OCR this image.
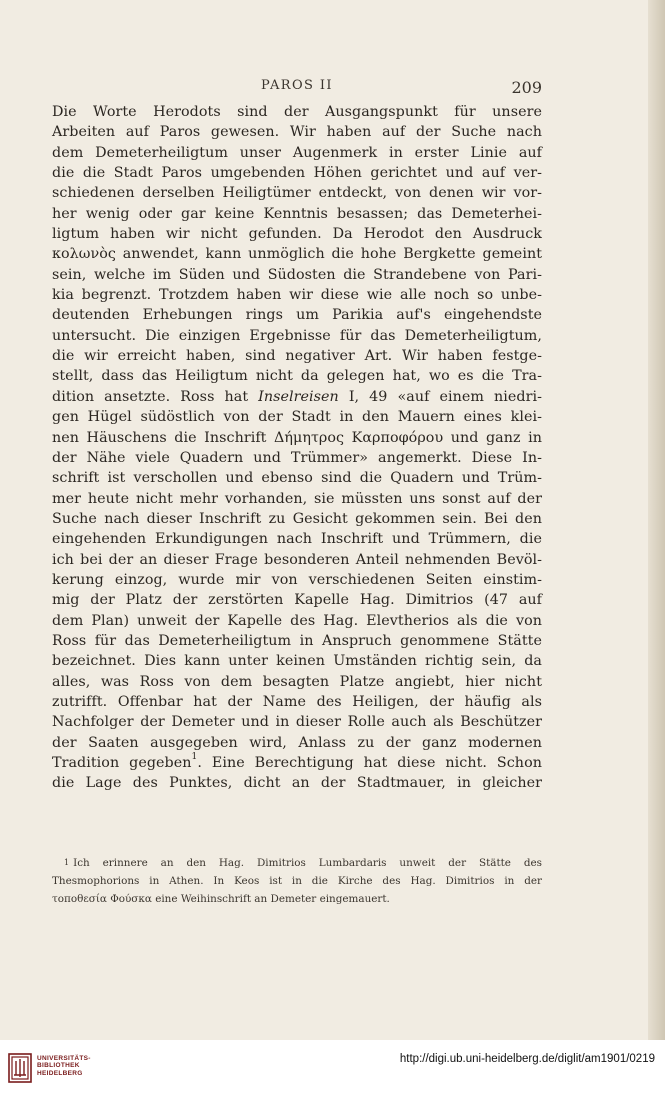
PAROS II	209
Die Worte Herodots sind der Ausgangspunkt für unsere
Arbeiten auf Paros gewesen. Wir haben auf der Suche nach
dem Demeterheiligtum unser Augenmerk in erster Linie auf
die die Stadt Paros umgebenden Höhen gerichtet und auf ver-
schiedenen derselben Heiligtümer entdeckt, von denen wir vor-
her wenig oder gar keine Kenntnis besassen; das Demeterhei-
ligtum haben wir nicht gefunden. Da Herodot den Ausdruck
κολωνὸς anwendet, kann unmöglich die hohe Bergkette gemeint
sein, welche im Süden und Südosten die Strandebene von Pari-
kia begrenzt. Trotzdem haben wir diese wie alle noch so unbe-
deutenden Erhebungen rings um Parikia auf's eingehendste
untersucht. Die einzigen Ergebnisse für das Demeterheiligtum,
die wir erreicht haben, sind negativer Art. Wir haben festge-
stellt, dass das Heiligtum nicht da gelegen hat, wo es die Tra-
dition ansetzte. Ross hat Inselreisen I, 49 «auf einem niedri-
gen Hügel südöstlich von der Stadt in den Mauern eines klei-
nen Häuschens die Inschrift Δήμητρος Καρποφόρου und ganz in
der Nähe viele Quadern und Trümmer» angemerkt. Diese In-
schrift ist verschollen und ebenso sind die Quadern und Trüm-
mer heute nicht mehr vorhanden, sie müssten uns sonst auf der
Suche nach dieser Inschrift zu Gesicht gekommen sein. Bei den
eingehenden Erkundigungen nach Inschrift und Trümmern, die
ich bei der an dieser Frage besonderen Anteil nehmenden Bevöl-
kerung einzog, wurde mir von verschiedenen Seiten einstim-
mig der Platz der zerstörten Kapelle Hag. Dimitrios (47 auf
dem Plan) unweit der Kapelle des Hag. Elevtherios als die von
Ross für das Demeterheiligtum in Anspruch genommene Stätte
bezeichnet. Dies kann unter keinen Umständen richtig sein, da
alles, was Ross von dem besagten Platze angiebt, hier nicht
zutrifft. Offenbar hat der Name des Heiligen, der häufig als
Nachfolger der Demeter und in dieser Rolle auch als Beschützer
der Saaten ausgegeben wird, Anlass zu der ganz modernen
Tradition gegeben$^1$. Eine Berechtigung hat diese nicht. Schon
die Lage des Punktes, dicht an der Stadtmauer, in gleicher
$^1$ Ich erinnere an den Hag. Dimitrios Lumbardaris unweit der Stätte des
Thesmophorions in Athen. In Keos ist in die Kirche des Hag. Dimitrios in der
τοποθεσία Φούσκα eine Weihinschrift an Demeter eingemauert.
UNIVERSITÄTS-
BIBLIOTHEK
HEIDELBERG
http://digi.ub.uni-heidelberg.de/diglit/am1901/0219
